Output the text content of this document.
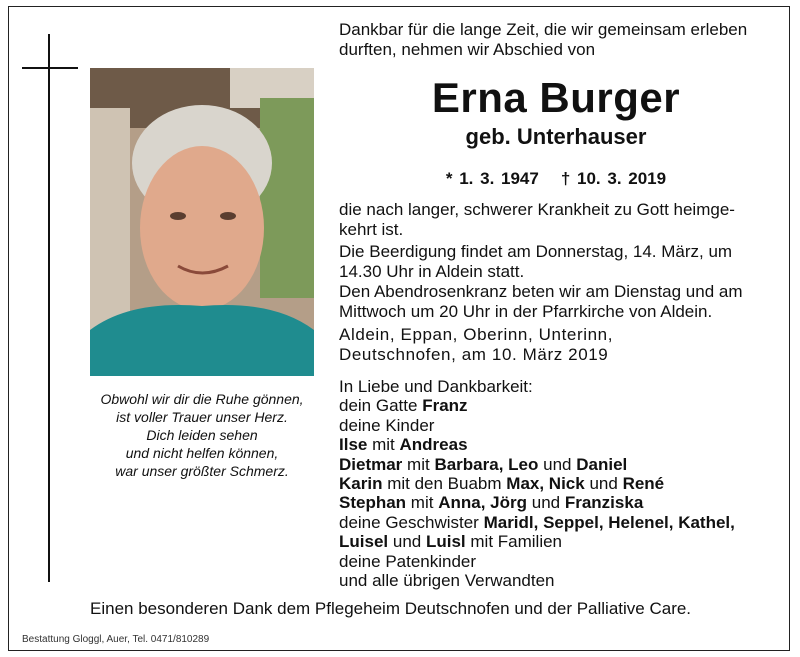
Obwohl wir dir die Ruhe gönnen,
ist voller Trauer unser Herz.
Dich leiden sehen
und nicht helfen können,
war unser größter Schmerz.
Dankbar für die lange Zeit, die wir gemeinsam erleben
durften, nehmen wir Abschied von
Erna Burger
geb. Unterhauser
* 1. 3. 1947 † 10. 3. 2019
die nach langer, schwerer Krankheit zu Gott heimge-
kehrt ist.
Die Beerdigung findet am Donnerstag, 14. März, um
14.30 Uhr in Aldein statt.
Den Abendrosenkranz beten wir am Dienstag und am
Mittwoch um 20 Uhr in der Pfarrkirche von Aldein.
Aldein, Eppan, Oberinn, Unterinn,
Deutschnofen, am 10. März 2019
In Liebe und Dankbarkeit:
dein Gatte Franz
deine Kinder
Ilse mit Andreas
Dietmar mit Barbara, Leo und Daniel
Karin mit den Buabm Max, Nick und René
Stephan mit Anna, Jörg und Franziska
deine Geschwister Maridl, Seppel, Helenel, Kathel,
Luisel und Luisl mit Familien
deine Patenkinder
und alle übrigen Verwandten
Einen besonderen Dank dem Pflegeheim Deutschnofen und der Palliative Care.
Bestattung Gloggl, Auer, Tel. 0471/810289
